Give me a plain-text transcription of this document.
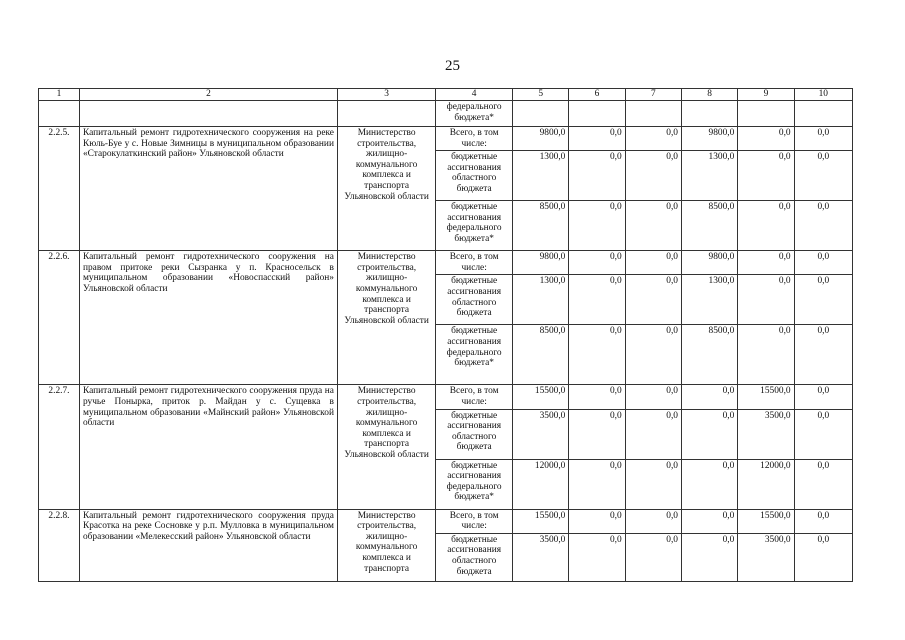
25
1	2	3	4	5	6	7	8	9	10
			федерального бюджета*						
2.2.5.	Капитальный ремонт гидротехнического сооружения на реке Кюль-Буе у с. Новые Зимницы в муниципальном образовании «Старокулаткинский район» Ульяновской области	Министерство строительства, жилищно-коммунального комплекса и транспорта Ульяновской области	Всего, в том числе:	9800,0	0,0	0,0	9800,0	0,0	0,0
			бюджетные ассигнования областного бюджета	1300,0	0,0	0,0	1300,0	0,0	0,0
			бюджетные ассигнования федерального бюджета*	8500,0	0,0	0,0	8500,0	0,0	0,0
2.2.6.	Капитальный ремонт гидротехнического сооружения на правом притоке реки Сызранка у п. Красносельск в муниципальном образовании «Новоспасский район» Ульяновской области	Министерство строительства, жилищно-коммунального комплекса и транспорта Ульяновской области	Всего, в том числе:	9800,0	0,0	0,0	9800,0	0,0	0,0
			бюджетные ассигнования областного бюджета	1300,0	0,0	0,0	1300,0	0,0	0,0
			бюджетные ассигнования федерального бюджета*	8500,0	0,0	0,0	8500,0	0,0	0,0
2.2.7.	Капитальный ремонт гидротехнического сооружения пруда на ручье Понырка, приток р. Майдан у с. Сущевка в муниципальном образовании «Майнский район» Ульяновской области	Министерство строительства, жилищно-коммунального комплекса и транспорта Ульяновской области	Всего, в том числе:	15500,0	0,0	0,0	0,0	15500,0	0,0
			бюджетные ассигнования областного бюджета	3500,0	0,0	0,0	0,0	3500,0	0,0
			бюджетные ассигнования федерального бюджета*	12000,0	0,0	0,0	0,0	12000,0	0,0
2.2.8.	Капитальный ремонт гидротехнического сооружения пруда Красотка на реке Сосновке у р.п. Мулловка в муниципальном образовании «Мелекесский район» Ульяновской области	Министерство строительства, жилищно-коммунального комплекса и транспорта	Всего, в том числе:	15500,0	0,0	0,0	0,0	15500,0	0,0
			бюджетные ассигнования областного бюджета	3500,0	0,0	0,0	0,0	3500,0	0,0
